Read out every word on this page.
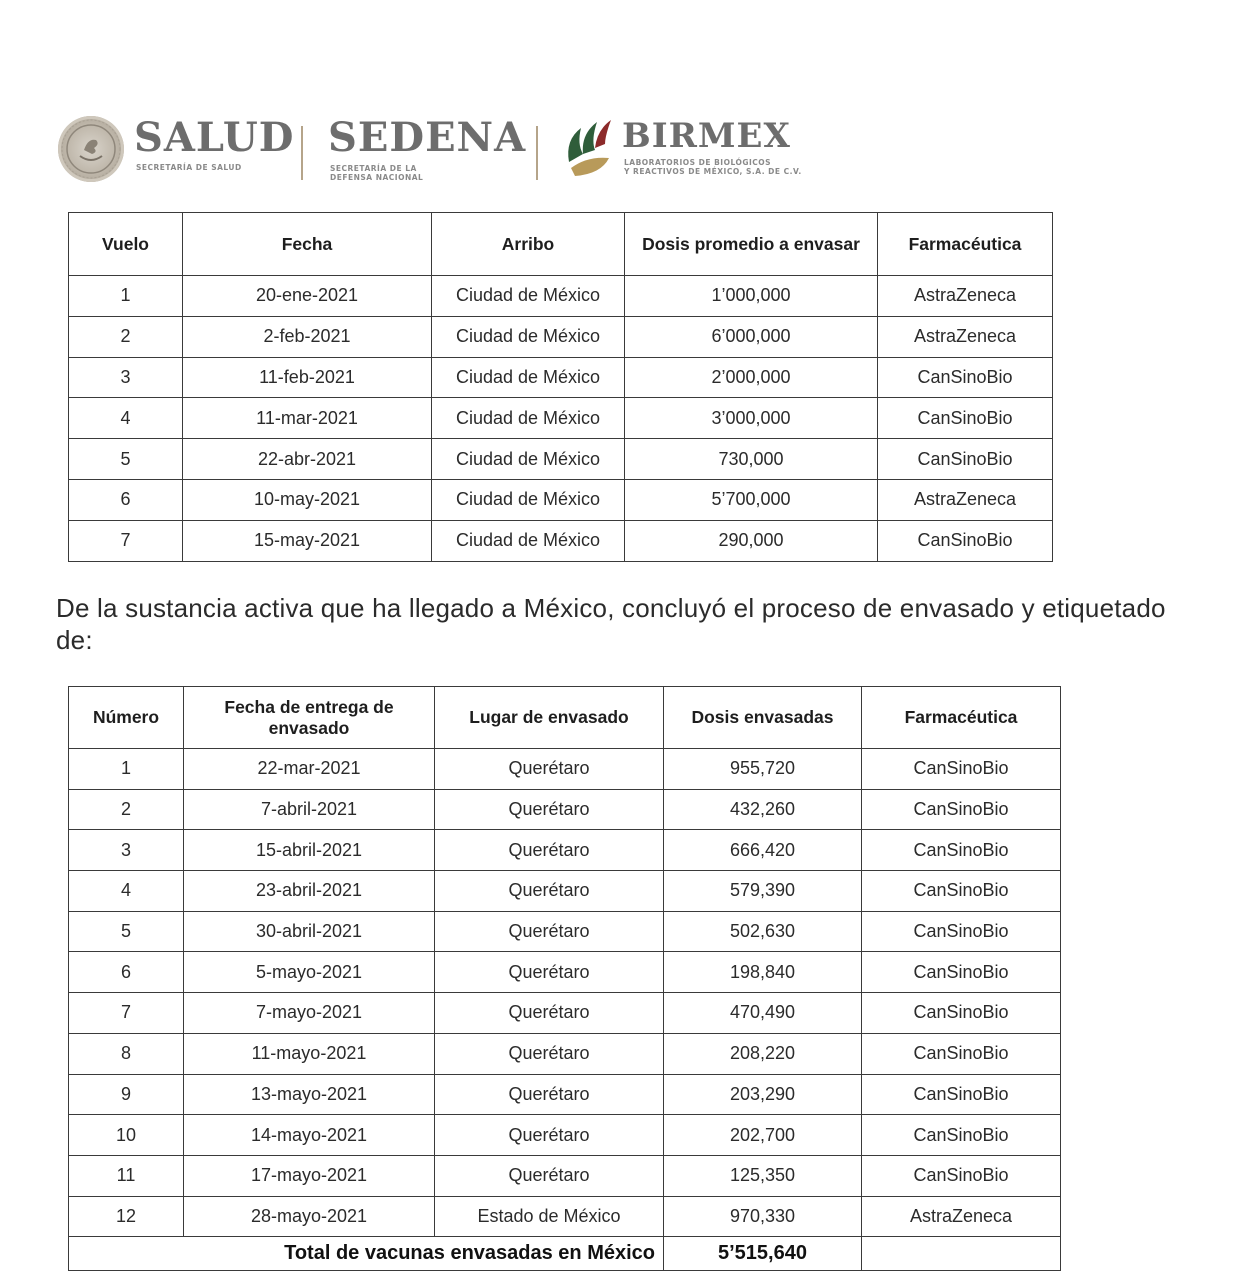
SALUD
SECRETARÍA DE SALUD
SEDENA
SECRETARÍA DE LA
DEFENSA NACIONAL
BIRMEX
LABORATORIOS DE BIOLÓGICOS
Y REACTIVOS DE MÉXICO, S.A. DE C.V.
Vuelo	Fecha	Arribo	Dosis promedio a envasar	Farmacéutica
1	20-ene-2021	Ciudad de México	1’000,000	AstraZeneca
2	2-feb-2021	Ciudad de México	6’000,000	AstraZeneca
3	11-feb-2021	Ciudad de México	2’000,000	CanSinoBio
4	11-mar-2021	Ciudad de México	3’000,000	CanSinoBio
5	22-abr-2021	Ciudad de México	730,000	CanSinoBio
6	10-may-2021	Ciudad de México	5’700,000	AstraZeneca
7	15-may-2021	Ciudad de México	290,000	CanSinoBio

De la sustancia activa que ha llegado a México, concluyó el proceso de envasado y etiquetado de:

Número	Fecha de entrega de envasado	Lugar de envasado	Dosis envasadas	Farmacéutica
1	22-mar-2021	Querétaro	955,720	CanSinoBio
2	7-abril-2021	Querétaro	432,260	CanSinoBio
3	15-abril-2021	Querétaro	666,420	CanSinoBio
4	23-abril-2021	Querétaro	579,390	CanSinoBio
5	30-abril-2021	Querétaro	502,630	CanSinoBio
6	5-mayo-2021	Querétaro	198,840	CanSinoBio
7	7-mayo-2021	Querétaro	470,490	CanSinoBio
8	11-mayo-2021	Querétaro	208,220	CanSinoBio
9	13-mayo-2021	Querétaro	203,290	CanSinoBio
10	14-mayo-2021	Querétaro	202,700	CanSinoBio
11	17-mayo-2021	Querétaro	125,350	CanSinoBio
12	28-mayo-2021	Estado de México	970,330	AstraZeneca
Total de vacunas envasadas en México			5’515,640	
